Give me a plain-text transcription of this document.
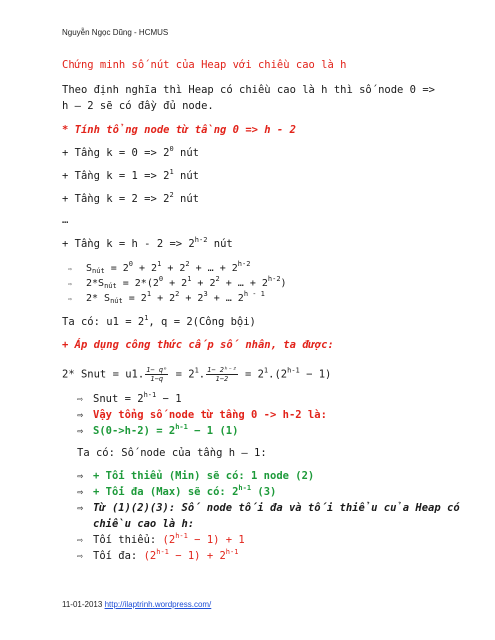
Nguyễn Ngọc Dũng - HCMUS
Chứng minh số nút của Heap với chiều cao là h
Theo định nghĩa thì Heap có chiều cao là h thì số node 0 =>
h – 2 sẽ có đầy đủ node.
* Tính tổng node từ tầng 0 => h - 2
+ Tầng $k = 0 => 2^0$ nút
+ Tầng $k = 1 => 2^1$ nút
+ Tầng $k = 2 => 2^2$ nút
…
+ Tầng $k = h - 2 => 2^{h-2}$ nút
⇨ $S_{nút} = 2^0 + 2^1 + 2^2$ + … + $2^{h-2}$
⇨ $2*S_{nút} = 2*(2^0 + 2^1 + 2^2$ + … + $2^{h-2}$)
⇨ 2* $S_{nút} = 2^1 + 2^2 + 2^3$ + … 2$^{h - 1}$
Ta có: $u1 = 2^1$, q = 2(Công bội)
+ Áp dụng công thức cấp số nhân, ta được:
2* Snut = u1. $\frac{\text{1− qⁿ}}{1-q} = 2^1$. $\frac{\text{1− 2ʰ⁻²}}{1-2} = 2^1.(2^{h-1} - 1)$
⇨ Snut = $2^{h-1} - 1$
⇨ Vậy tổng số node từ tầng 0 -> h-2 là:
⇨ $S(0->h-2) = 2^{h-1} - 1$ (1)
Ta có: Số node của tầng h – 1:
⇨ + Tối thiểu (Min) sẽ có: 1 node (2)
⇨ + Tối đa (Max) sẽ có: 2$^{h-1}$ (3)
⇨ Từ (1)(2)(3): Số node tối đa và tối thiểu của Heap có
chiều cao là h:
⇨ Tối thiểu: $(2^{h-1} - 1) + 1$
⇨ Tối đa: $(2^{h-1} - 1) + 2^{h-1}$
11-01-2013 http://ilaptrinh.wordpress.com/
